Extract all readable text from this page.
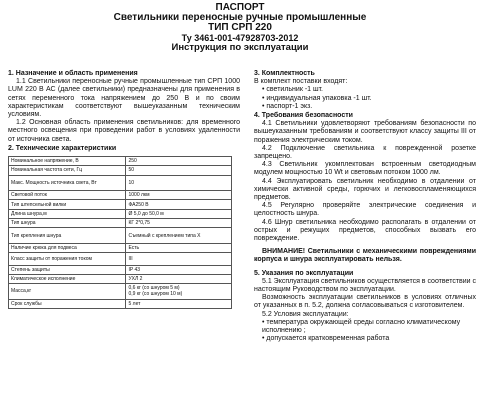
ПАСПОРТ
Светильники переносные ручные промышленные
ТИП СРП 220
Ту 3461-001-47928703-2012
Инструкция по эксплуатации
1. Назначение и область применения

1.1 Светильники переносные ручные промышленные тип СРП 1000 LUM 220 В АС (далее светильники) предназначены для применения в сетях переменного тока напряжением до 250 В и по своим характеристикам соответствуют вышеуказанным техническим условиям.

1.2 Основная область применения светильников: для временного местного освещения при проведении работ в условиях удаленности от источника света.

2. Технические характеристики
Номинальное напряжение, В	250
Номинальная частота сети, Гц	50
Макс. Мощность источника света, Вт	10
Световой поток	1000 лкм
Тип штепсельной вилки	ФА250 В
Длина шнура,м	Ø 5,0 до 50,0 м
Тип шнура	КГ 2*0,75
Тип крепления шнура	Съемный с креплением типа Х
Наличие крюка для подвеса	Есть
Класс защиты от поражения током	III
Степень защиты	IP 43
Климатическое исполнение	УХЛ 2
Масса,кг	0,6 кг (со шнуром 5 м)
0,9 кг (со шнуром 10 м)
Срок службы	5 лет
3. Комплектность
В комплект поставки входят:
• светильник -1 шт.
• индивидуальная упаковка -1 шт.
• паспорт-1 экз.
4. Требования безопасности

4.1 Светильники удовлетворяют требованиям безопасности по вышеуказанным требованиям и соответствуют классу защиты III от поражения электрическим током.

4.2 Подключение светильника к поврежденной розетке запрещено.

4.3 Светильник укомплектован встроенным светодиодным модулем мощностью 10 Wt и световым потоком 1000 лм.

4.4 Эксплуатировать светильник необходимо в отдалении от химически активной среды, горючих и легковоспламеняющихся предметов.

4.5 Регулярно проверяйте электрические соединения и целостность шнура.

4.6 Шнур светильника необходимо располагать в отдалении от острых и режущих предметов, способных вызвать его повреждение.

ВНИМАНИЕ! Светильники с механическими повреждениями корпуса и шнура эксплуатировать нельзя.

5. Указания по эксплуатации

5.1 Эксплуатация светильников осуществляется в соответствии с настоящим Руководством по эксплуатации.

Возможность эксплуатации светильников в условиях отличных от указанных в п. 5.2, должна согласовываться с изготовителем.

5.2 Условия эксплуатации:

• температура окружающей среды согласно климатическому исполнению ;
• допускается кратковременная работа
